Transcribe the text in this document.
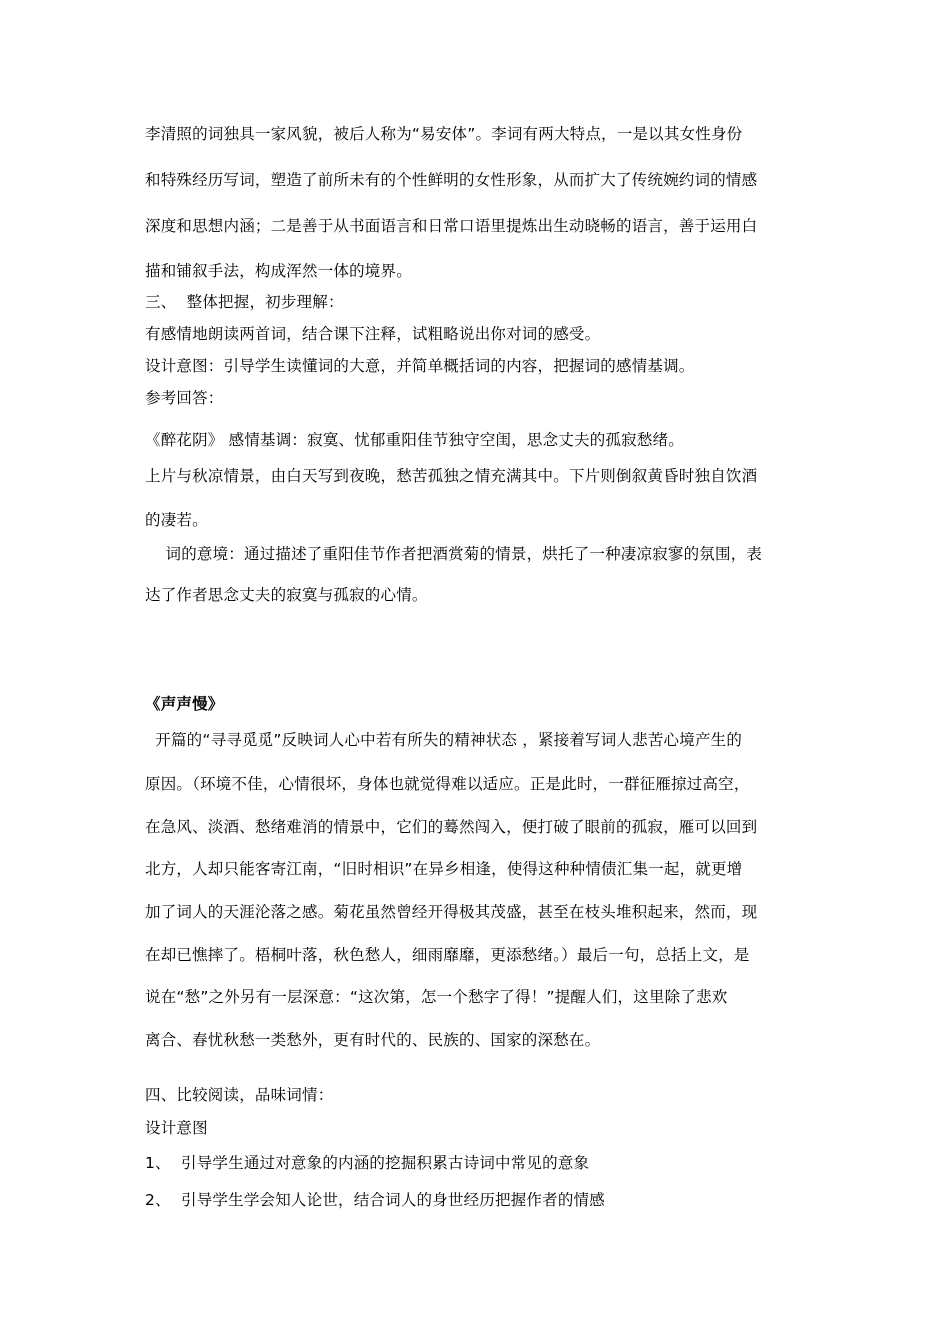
李清照的词独具一家风貌，被后人称为“易安体”。李词有两大特点，一是以其女性身份
和特殊经历写词，塑造了前所未有的个性鲜明的女性形象，从而扩大了传统婉约词的情感
深度和思想内涵；二是善于从书面语言和日常口语里提炼出生动晓畅的语言，善于运用白
描和铺叙手法，构成浑然一体的境界。
三、  整体把握，初步理解：
有感情地朗读两首词，结合课下注释，试粗略说出你对词的感受。
设计意图：引导学生读懂词的大意，并简单概括词的内容，把握词的感情基调。
参考回答：
《醉花阴》 感情基调：寂寞、忧郁重阳佳节独守空闺，思念丈夫的孤寂愁绪。
上片与秋凉情景，由白天写到夜晚，愁苦孤独之情充满其中。下片则倒叙黄昏时独自饮酒
的凄若。
词的意境：通过描述了重阳佳节作者把酒赏菊的情景，烘托了一种凄凉寂寥的氛围，表
达了作者思念丈夫的寂寞与孤寂的心情。
《声声慢》
开篇的“寻寻觅觅”反映词人心中若有所失的精神状态 ，紧接着写词人悲苦心境产生的
原因。（环境不佳，心情很坏，身体也就觉得难以适应。正是此时，一群征雁掠过高空，
在急风、淡酒、愁绪难消的情景中，它们的蓦然闯入，便打破了眼前的孤寂，雁可以回到
北方，人却只能客寄江南，“旧时相识”在异乡相逢，使得这种种情债汇集一起，就更增
加了词人的天涯沦落之感。菊花虽然曾经开得极其茂盛，甚至在枝头堆积起来，然而，现
在却已憔摔了。梧桐叶落，秋色愁人，细雨靡靡，更添愁绪。）最后一句，总括上文，是
说在“愁”之外另有一层深意：“这次第，怎一个愁字了得！”提醒人们，这里除了悲欢
离合、春忧秋愁一类愁外，更有时代的、民族的、国家的深愁在。
四、比较阅读，品味词情：
设计意图
1、  引导学生通过对意象的内涵的挖掘积累古诗词中常见的意象
2、  引导学生学会知人论世，结合词人的身世经历把握作者的情感
